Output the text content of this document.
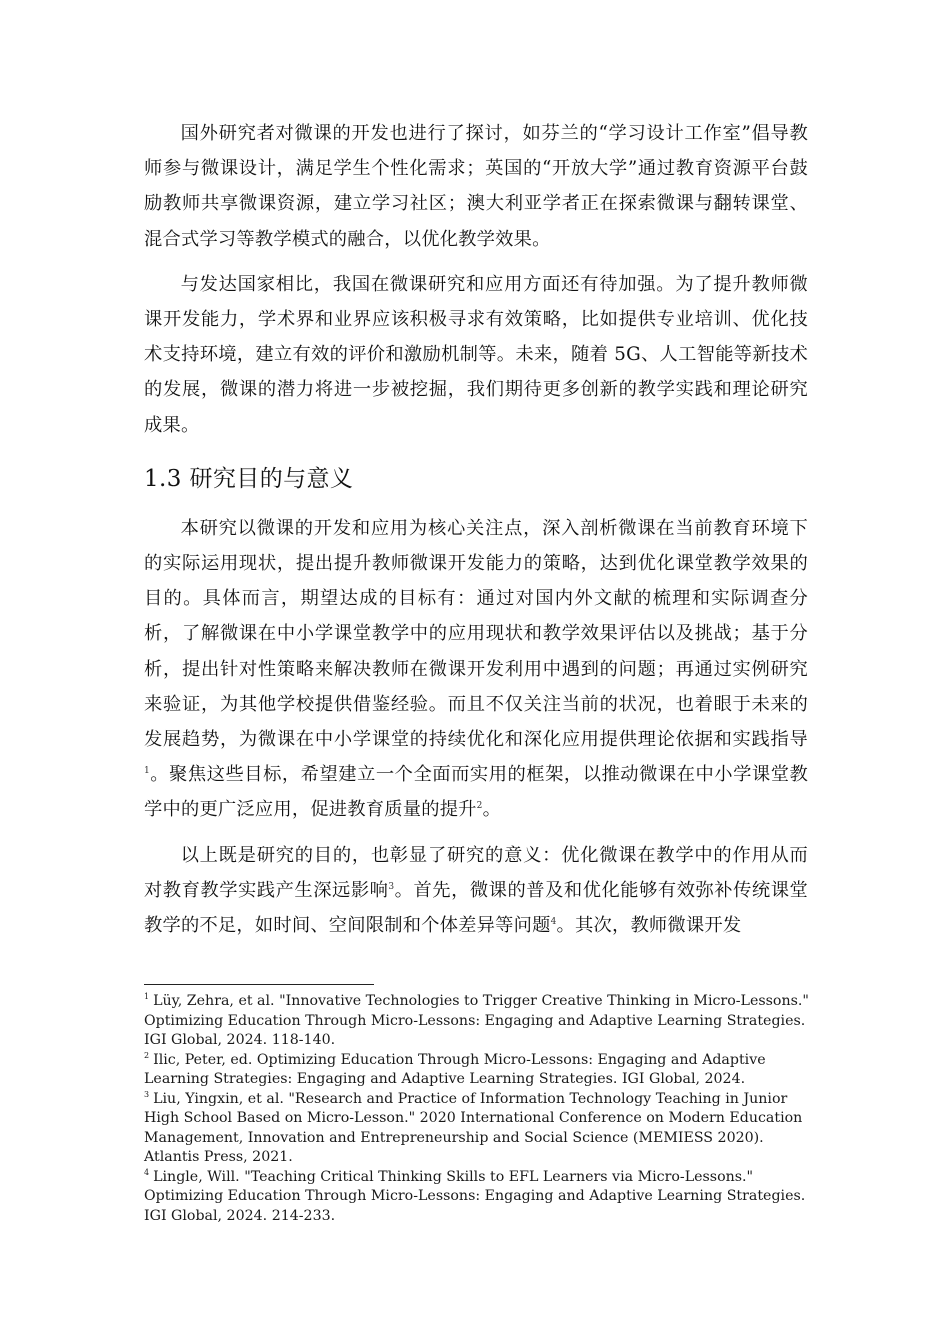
国外研究者对微课的开发也进行了探讨，如芬兰的“学习设计工作室”倡导教师参与微课设计，满足学生个性化需求；英国的“开放大学”通过教育资源平台鼓励教师共享微课资源，建立学习社区；澳大利亚学者正在探索微课与翻转课堂、混合式学习等教学模式的融合，以优化教学效果。

与发达国家相比，我国在微课研究和应用方面还有待加强。为了提升教师微课开发能力，学术界和业界应该积极寻求有效策略，比如提供专业培训、优化技术支持环境，建立有效的评价和激励机制等。未来，随着 5G、人工智能等新技术的发展，微课的潜力将进一步被挖掘，我们期待更多创新的教学实践和理论研究成果。

1.3 研究目的与意义

本研究以微课的开发和应用为核心关注点，深入剖析微课在当前教育环境下的实际运用现状，提出提升教师微课开发能力的策略，达到优化课堂教学效果的目的。具体而言，期望达成的目标有：通过对国内外文献的梳理和实际调查分析，了解微课在中小学课堂教学中的应用现状和教学效果评估以及挑战；基于分析，提出针对性策略来解决教师在微课开发利用中遇到的问题；再通过实例研究来验证，为其他学校提供借鉴经验。而且不仅关注当前的状况，也着眼于未来的发展趋势，为微课在中小学课堂的持续优化和深化应用提供理论依据和实践指导$^1$。聚焦这些目标，希望建立一个全面而实用的框架，以推动微课在中小学课堂教学中的更广泛应用，促进教育质量的提升$^2$。

以上既是研究的目的，也彰显了研究的意义：优化微课在教学中的作用从而对教育教学实践产生深远影响$^3$。首先，微课的普及和优化能够有效弥补传统课堂教学的不足，如时间、空间限制和个体差异等问题$^4$。其次，教师微课开发

$^1$ Lüy, Zehra, et al. "Innovative Technologies to Trigger Creative Thinking in Micro-Lessons." Optimizing Education Through Micro-Lessons: Engaging and Adaptive Learning Strategies. IGI Global, 2024. 118-140.

$^2$ Ilic, Peter, ed. Optimizing Education Through Micro-Lessons: Engaging and Adaptive Learning Strategies: Engaging and Adaptive Learning Strategies. IGI Global, 2024.

$^3$ Liu, Yingxin, et al. "Research and Practice of Information Technology Teaching in Junior High School Based on Micro-Lesson." 2020 International Conference on Modern Education Management, Innovation and Entrepreneurship and Social Science (MEMIESS 2020). Atlantis Press, 2021.

$^4$ Lingle, Will. "Teaching Critical Thinking Skills to EFL Learners via Micro-Lessons." Optimizing Education Through Micro-Lessons: Engaging and Adaptive Learning Strategies. IGI Global, 2024. 214-233.
